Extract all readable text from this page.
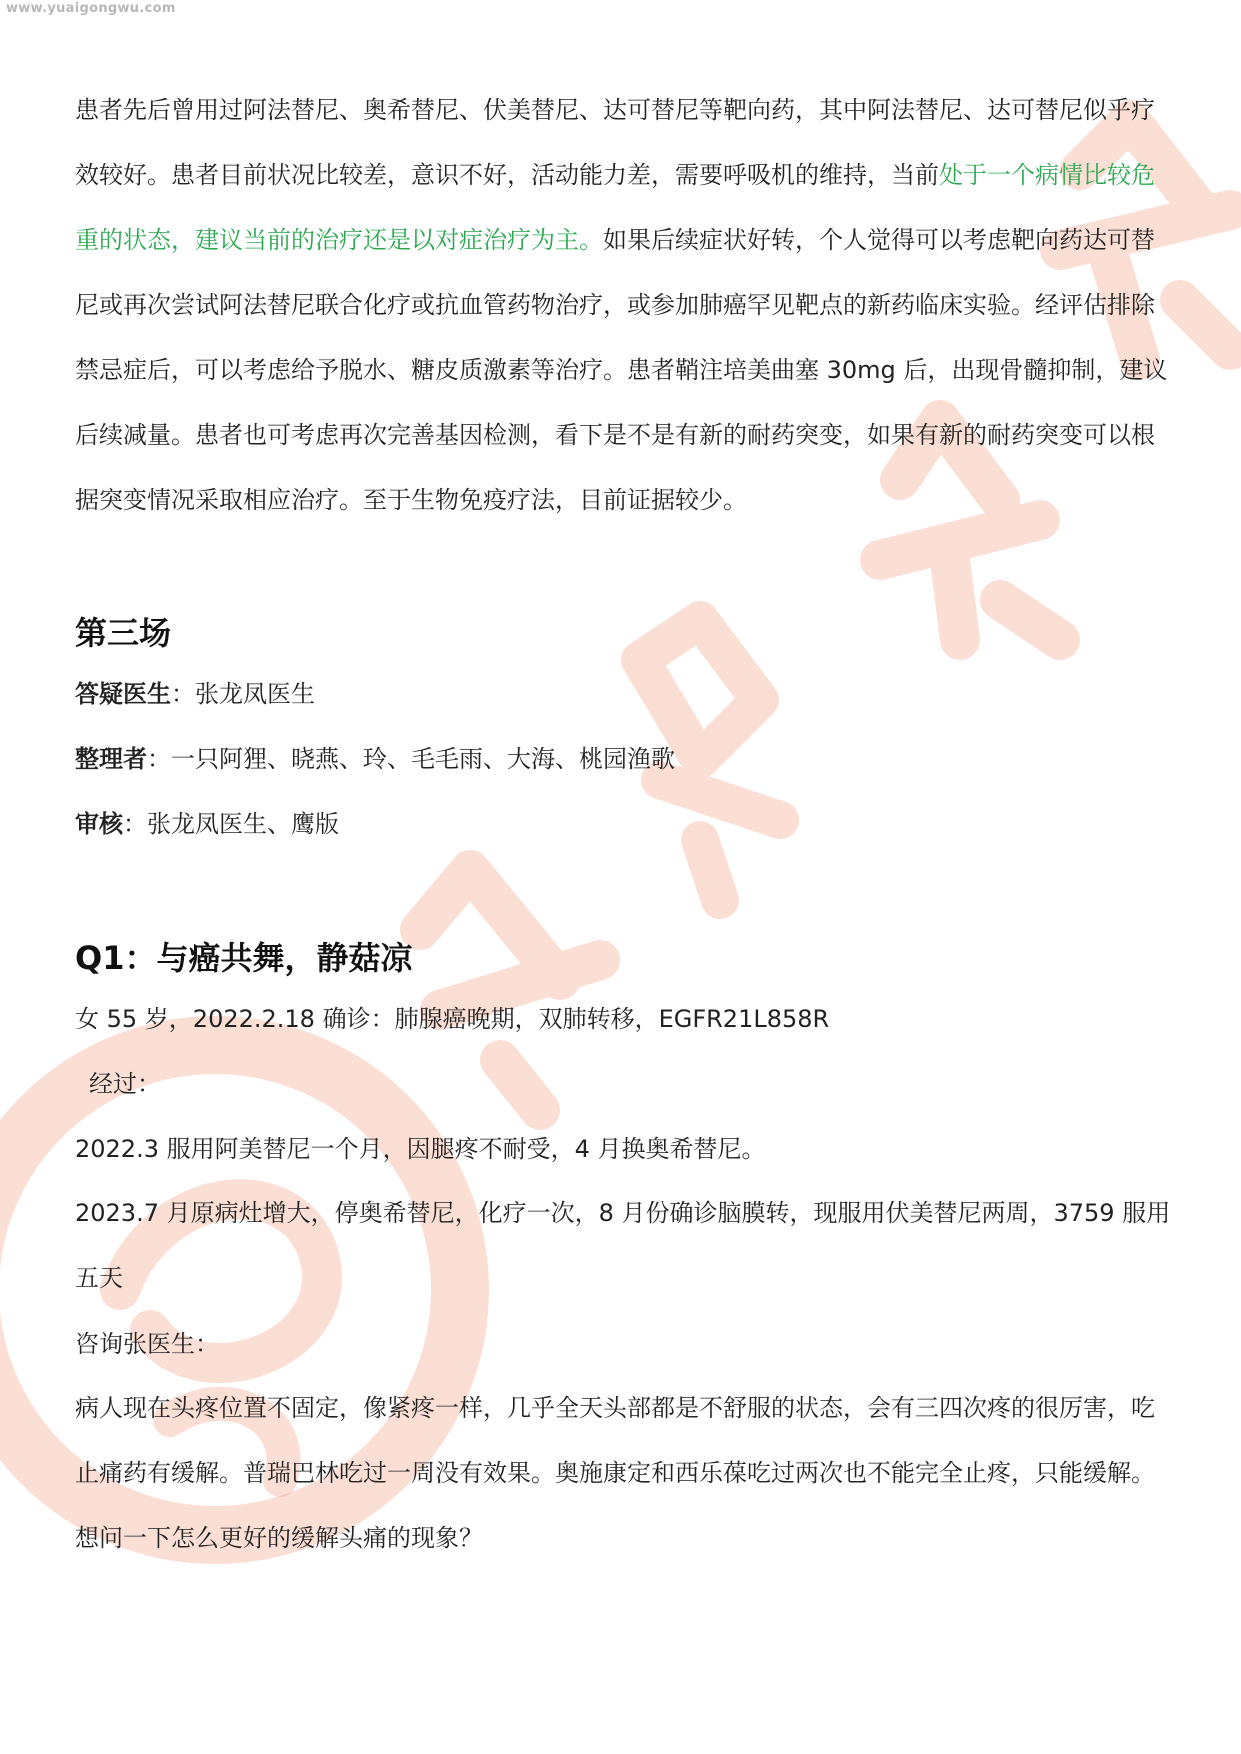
www.yuaigongwu.com

患者先后曾用过阿法替尼、奥希替尼、伏美替尼、达可替尼等靶向药，其中阿法替尼、达可替尼似乎疗效较好。患者目前状况比较差，意识不好，活动能力差，需要呼吸机的维持，当前处于一个病情比较危重的状态，建议当前的治疗还是以对症治疗为主。如果后续症状好转，个人觉得可以考虑靶向药达可替尼或再次尝试阿法替尼联合化疗或抗血管药物治疗，或参加肺癌罕见靶点的新药临床实验。经评估排除禁忌症后，可以考虑给予脱水、糖皮质激素等治疗。患者鞘注培美曲塞 30mg 后，出现骨髓抑制，建议后续减量。患者也可考虑再次完善基因检测，看下是不是有新的耐药突变，如果有新的耐药突变可以根据突变情况采取相应治疗。至于生物免疫疗法，目前证据较少。

第三场

答疑医生：张龙凤医生

整理者：一只阿狸、晓燕、玲、毛毛雨、大海、桃园渔歌

审核：张龙凤医生、鹰版

Q1：与癌共舞，静菇凉

女 55 岁，2022.2.18 确诊：肺腺癌晚期，双肺转移，EGFR21L858R

经过：

2022.3 服用阿美替尼一个月，因腿疼不耐受，4 月换奥希替尼。

2023.7 月原病灶增大，停奥希替尼，化疗一次，8 月份确诊脑膜转，现服用伏美替尼两周，3759 服用五天

咨询张医生：

病人现在头疼位置不固定，像紧疼一样，几乎全天头部都是不舒服的状态，会有三四次疼的很厉害，吃止痛药有缓解。普瑞巴林吃过一周没有效果。奥施康定和西乐葆吃过两次也不能完全止疼，只能缓解。想问一下怎么更好的缓解头痛的现象？
